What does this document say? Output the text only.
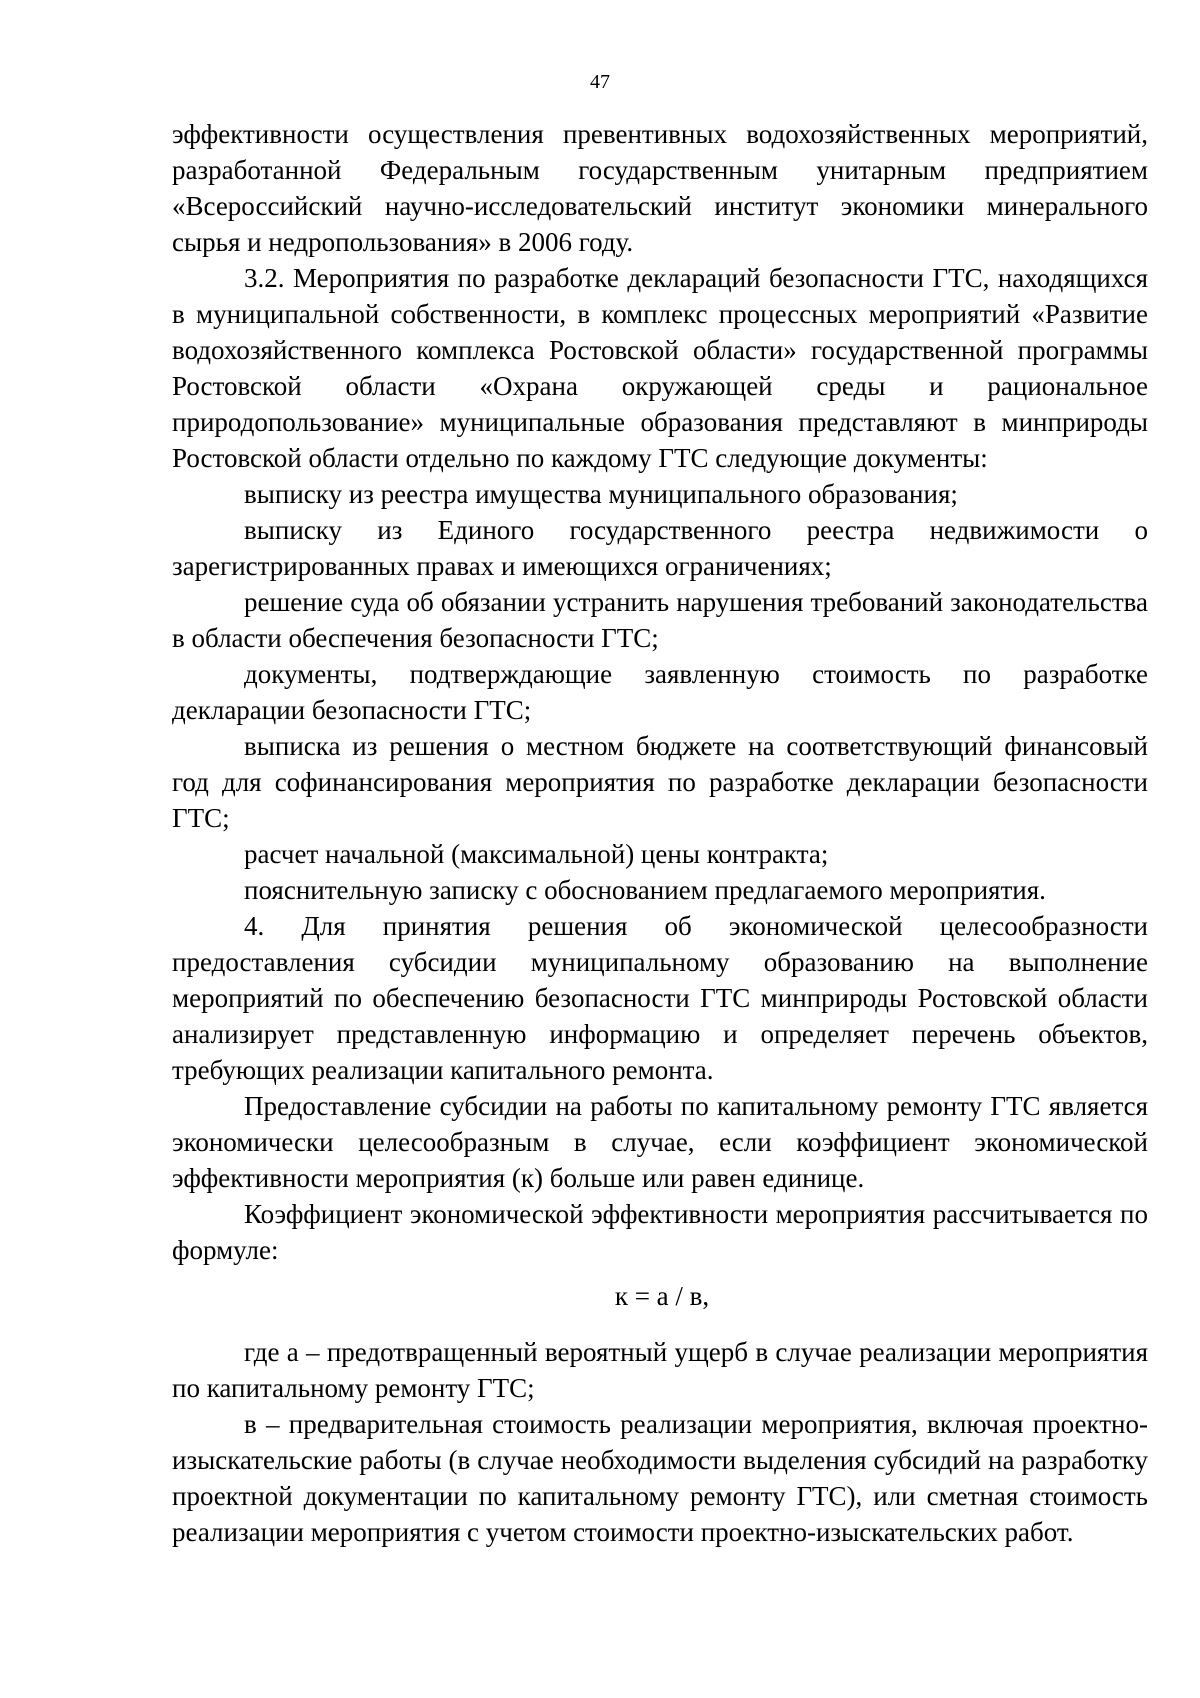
47

эффективности осуществления превентивных водохозяйственных мероприятий, разработанной Федеральным государственным унитарным предприятием «Всероссийский научно-исследовательский институт экономики минерального сырья и недропользования» в 2006 году.

3.2. Мероприятия по разработке деклараций безопасности ГТС, находящихся в муниципальной собственности, в комплекс процессных мероприятий «Развитие водохозяйственного комплекса Ростовской области» государственной программы Ростовской области «Охрана окружающей среды и рациональное природопользование» муниципальные образования представляют в минприроды Ростовской области отдельно по каждому ГТС следующие документы:

выписку из реестра имущества муниципального образования;

выписку из Единого государственного реестра недвижимости о зарегистрированных правах и имеющихся ограничениях;

решение суда об обязании устранить нарушения требований законодательства в области обеспечения безопасности ГТС;

документы, подтверждающие заявленную стоимость по разработке декларации безопасности ГТС;

выписка из решения о местном бюджете на соответствующий финансовый год для софинансирования мероприятия по разработке декларации безопасности ГТС;

расчет начальной (максимальной) цены контракта;

пояснительную записку с обоснованием предлагаемого мероприятия.

4. Для принятия решения об экономической целесообразности предоставления субсидии муниципальному образованию на выполнение мероприятий по обеспечению безопасности ГТС минприроды Ростовской области анализирует представленную информацию и определяет перечень объектов, требующих реализации капитального ремонта.

Предоставление субсидии на работы по капитальному ремонту ГТС является экономически целесообразным в случае, если коэффициент экономической эффективности мероприятия (к) больше или равен единице.

Коэффициент экономической эффективности мероприятия рассчитывается по формуле:

к = а / в,

где а – предотвращенный вероятный ущерб в случае реализации мероприятия по капитальному ремонту ГТС;

в – предварительная стоимость реализации мероприятия, включая проектно-изыскательские работы (в случае необходимости выделения субсидий на разработку проектной документации по капитальному ремонту ГТС), или сметная стоимость реализации мероприятия с учетом стоимости проектно-изыскательских работ.
